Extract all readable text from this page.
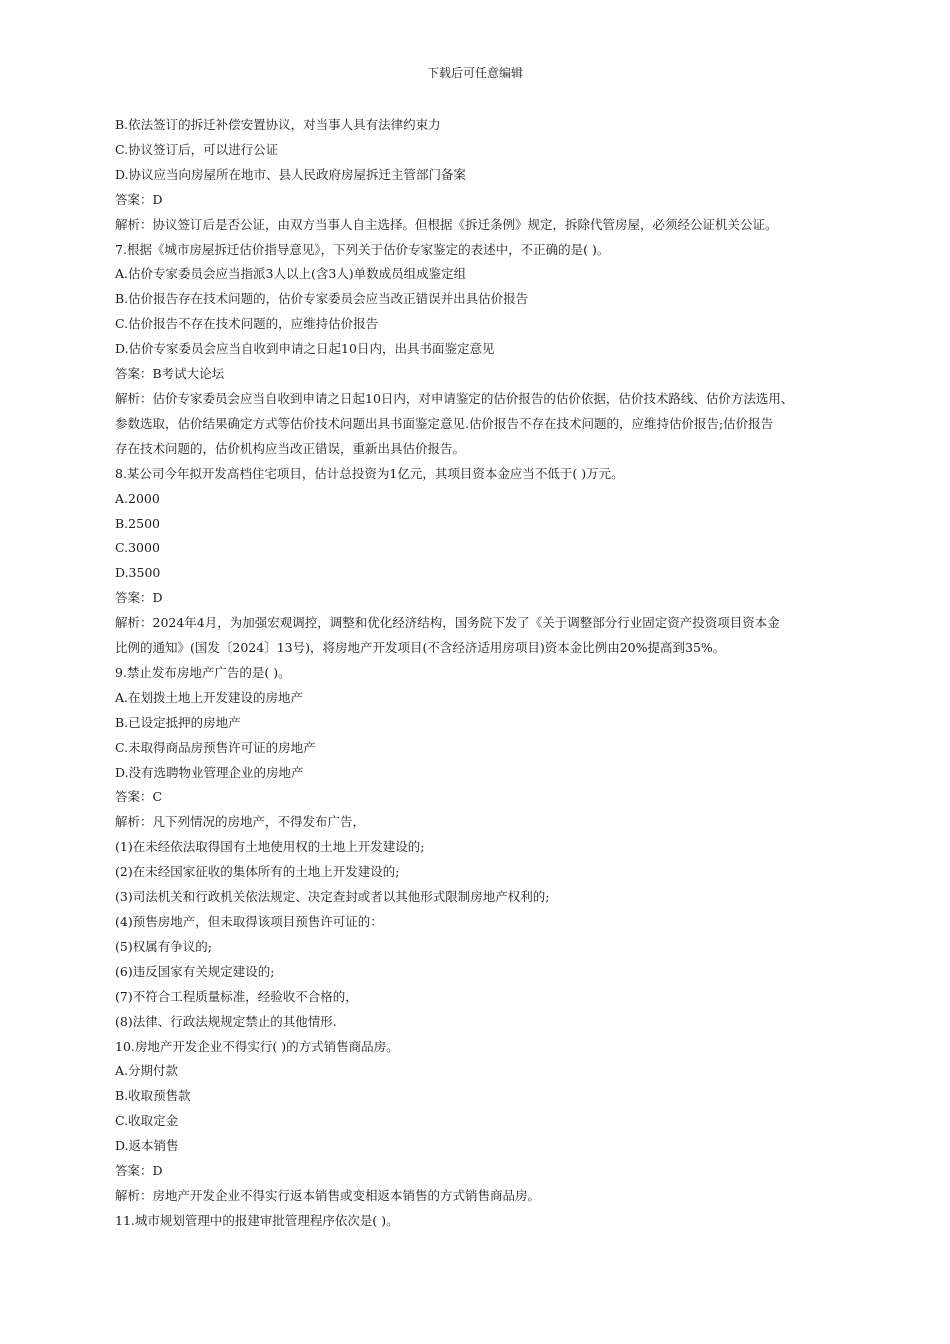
下载后可任意编辑

B.依法签订的拆迁补偿安置协议，对当事人具有法律约束力

C.协议签订后，可以进行公证

D.协议应当向房屋所在地市、县人民政府房屋拆迁主管部门备案

答案：D

解析：协议签订后是否公证，由双方当事人自主选择。但根据《拆迁条例》规定，拆除代管房屋，必须经公证机关公证。

7.根据《城市房屋拆迁估价指导意见》，下列关于估价专家鉴定的表述中，不正确的是( )。

A.估价专家委员会应当指派3人以上(含3人)单数成员组成鉴定组

B.估价报告存在技术问题的，估价专家委员会应当改正错误并出具估价报告

C.估价报告不存在技术问题的，应维持估价报告

D.估价专家委员会应当自收到申请之日起10日内，出具书面鉴定意见

答案：B考试大论坛

解析：估价专家委员会应当自收到申请之日起10日内，对申请鉴定的估价报告的估价依据，估价技术路线、估价方法选用、

参数选取，估价结果确定方式等估价技术问题出具书面鉴定意见.估价报告不存在技术问题的，应维持估价报告;估价报告

存在技术问题的，估价机构应当改正错误，重新出具估价报告。

8.某公司今年拟开发高档住宅项目，估计总投资为1亿元，其项目资本金应当不低于( )万元。

A.2000

B.2500

C.3000

D.3500

答案：D

解析：2024年4月，为加强宏观调控，调整和优化经济结构，国务院下发了《关于调整部分行业固定资产投资项目资本金

比例的通知》(国发〔2024〕13号)，将房地产开发项目(不含经济适用房项目)资本金比例由20%提高到35%。

9.禁止发布房地产广告的是( )。

A.在划拨土地上开发建设的房地产

B.已设定抵押的房地产

C.未取得商品房预售许可证的房地产

D.没有选聘物业管理企业的房地产

答案：C

解析：凡下列情况的房地产，不得发布广告，

(1)在未经依法取得国有土地使用权的土地上开发建设的;

(2)在未经国家征收的集体所有的土地上开发建设的;

(3)司法机关和行政机关依法规定、决定查封或者以其他形式限制房地产权利的;

(4)预售房地产，但未取得该项目预售许可证的：

(5)权属有争议的;

(6)违反国家有关规定建设的;

(7)不符合工程质量标准，经验收不合格的，

(8)法律、行政法规规定禁止的其他情形.

10.房地产开发企业不得实行( )的方式销售商品房。

A.分期付款

B.收取预售款

C.收取定金

D.返本销售

答案：D

解析：房地产开发企业不得实行返本销售或变相返本销售的方式销售商品房。

11.城市规划管理中的报建审批管理程序依次是( )。
